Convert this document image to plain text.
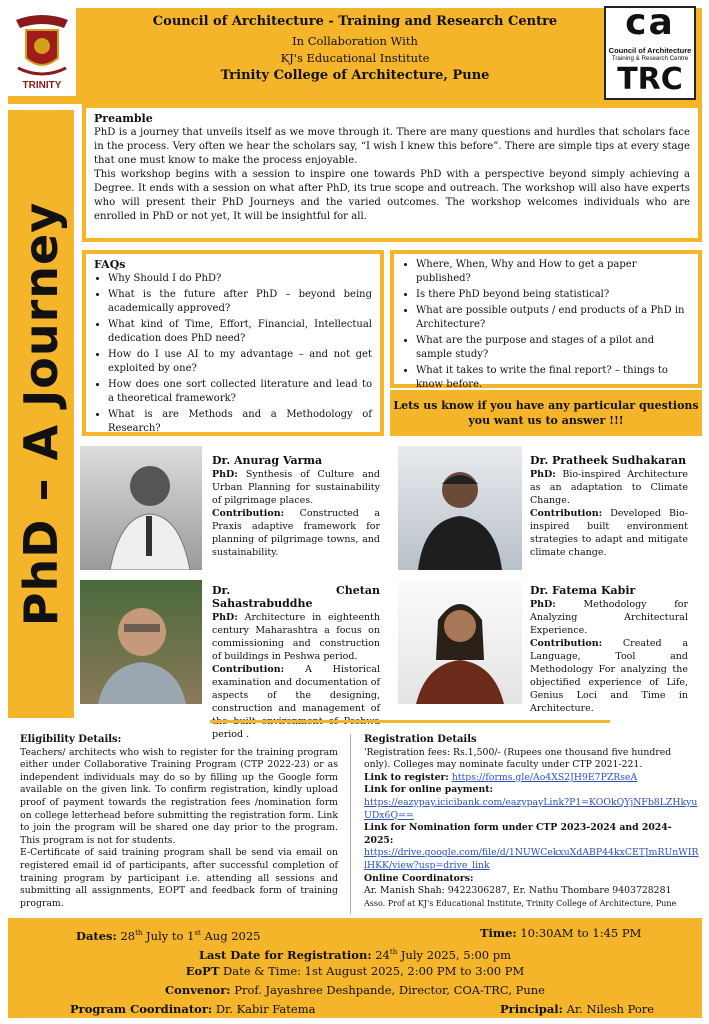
Council of Architecture - Training and Research Centre
In Collaboration With
KJ's Educational Institute
Trinity College of Architecture, Pune
TRINITY
ca
Council of Architecture
Training & Research Centre
TRC
PhD – A Journey
Preamble
PhD is a journey that unveils itself as we move through it. There are many questions and hurdles that scholars face in the process. Very often we hear the scholars say, “I wish I knew this before”. There are simple tips at every stage that one must know to make the process enjoyable.
This workshop begins with a session to inspire one towards PhD with a perspective beyond simply achieving a Degree. It ends with a session on what after PhD, its true scope and outreach. The workshop will also have experts who will present their PhD Journeys and the varied outcomes. The workshop welcomes individuals who are enrolled in PhD or not yet, It will be insightful for all.
FAQs
• Why Should I do PhD?
• What is the future after PhD – beyond being academically approved?
• What kind of Time, Effort, Financial, Intellectual dedication does PhD need?
• How do I use AI to my advantage – and not get exploited by one?
• How does one sort collected literature and lead to a theoretical framework?
• What is are Methods and a Methodology of Research?
• Where, When, Why and How to get a paper published?
• Is there PhD beyond being statistical?
• What are possible outputs / end products of a PhD in Architecture?
• What are the purpose and stages of a pilot and sample study?
• What it takes to write the final report? – things to know before.
Lets us know if you have any particular questions
you want us to answer !!!
Dr. Anurag Varma
PhD: Synthesis of Culture and Urban Planning for sustainability of pilgrimage places.
Contribution: Constructed a Praxis adaptive framework for planning of pilgrimage towns, and sustainability.
Dr. Pratheek Sudhakaran
PhD: Bio-inspired Architecture as an adaptation to Climate Change.
Contribution: Developed Bio-inspired built environment strategies to adapt and mitigate climate change.
Dr. Chetan Sahastrabuddhe
PhD: Architecture in eighteenth century Maharashtra a focus on commissioning and construction of buildings in Peshwa period.
Contribution: A Historical examination and documentation of aspects of the designing, construction and management of period .
Dr. Fatema Kabir
PhD:	Methodology for Analyzing Architectural Experience.
Contribution: Created a Language, Tool and Methodology For analyzing the objectified experience of Life, Genius Loci and Time in Architecture.
Eligibility Details:
Teachers/ architects who wish to register for the training program either under Collaborative Training Program (CTP 2022-23) or as independent individuals may do so by filling up the Google form available on the given link. To confirm registration, kindly upload proof of payment towards the registration fees /nomination form on college letterhead before submitting the registration form. Link to join the program will be shared one day prior to the program. This program is not for students.
E-Certificate of said training program shall be send via email on registered email id of participants, after successful completion of training program by participant i.e. attending all sessions and submitting all assignments, EOPT and feedback form of training program.
Registration Details
'Registration fees: Rs.1,500/- (Rupees one thousand five hundred only). Colleges may nominate faculty under CTP 2021-221.
Link to register: https://forms.gle/Ao4XS2JH9E7PZRseA
Link for online payment:
https://eazypay.icicibank.com/eazypayLink?P1=KOOkQYjNFb8LZHkyuUDx6Q==
Link for Nomination form under CTP 2023-2024 and 2024-2025:
https://drive.google.com/file/d/1NUWCekxuXdABP44kxCETJmRUnWIRlHKK/view?usp=drive_link
Online Coordinators:
Ar. Manish Shah: 9422306287, Er. Nathu Thombare 9403728281
Asso. Prof at KJ's Educational Institute, Trinity College of Architecture, Pune
Dates: 28th July to 1st Aug 2025	Time: 10:30AM to 1:45 PM
Last Date for Registration: 24th July 2025, 5:00 pm
EoPT Date & Time: 1st August 2025, 2:00 PM to 3:00 PM
Convenor: Prof. Jayashree Deshpande, Director, COA-TRC, Pune
Program Coordinator: Dr. Kabir Fatema	Principal: Ar. Nilesh Pore
